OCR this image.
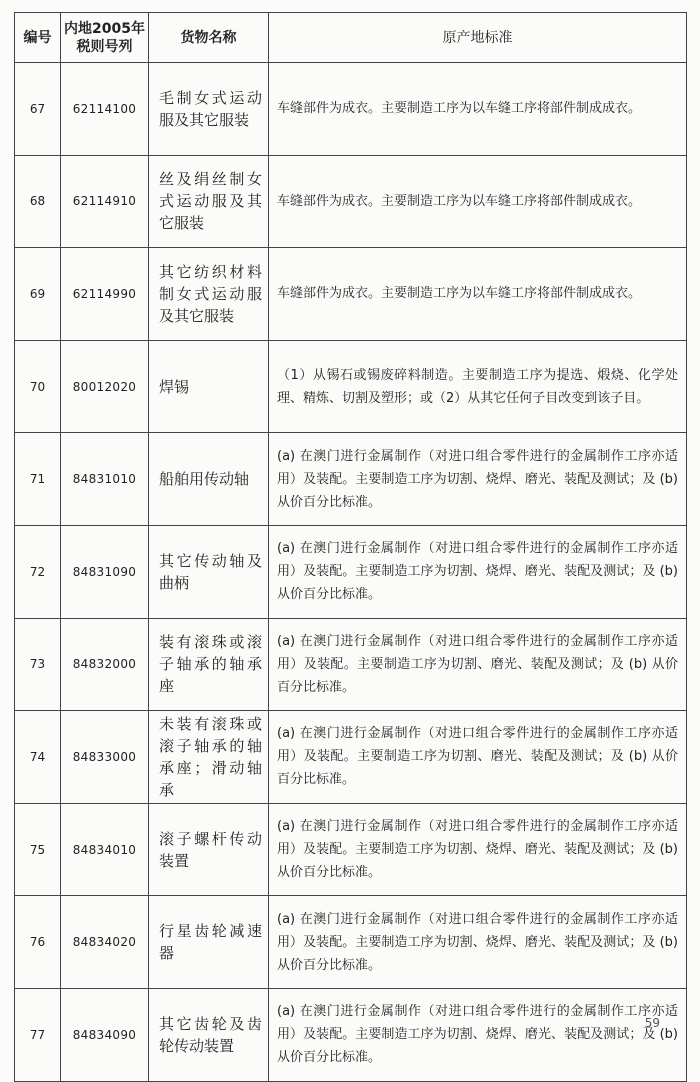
编号	内地2005年税则号列	货物名称	原产地标准
67	62114100	毛制女式运动服及其它服装	车缝部件为成衣。主要制造工序为以车缝工序将部件制成成衣。
68	62114910	丝及绢丝制女式运动服及其它服装	车缝部件为成衣。主要制造工序为以车缝工序将部件制成成衣。
69	62114990	其它纺织材料制女式运动服及其它服装	车缝部件为成衣。主要制造工序为以车缝工序将部件制成成衣。
70	80012020	焊锡	（1）从锡石或锡废碎料制造。主要制造工序为提选、煅烧、化学处理、精炼、切割及塑形；或（2）从其它任何子目改变到该子目。
71	84831010	船舶用传动轴	(a) 在澳门进行金属制作（对进口组合零件进行的金属制作工序亦适用）及装配。主要制造工序为切割、烧焊、磨光、装配及测试；及 (b) 从价百分比标准。
72	84831090	其它传动轴及曲柄	(a) 在澳门进行金属制作（对进口组合零件进行的金属制作工序亦适用）及装配。主要制造工序为切割、烧焊、磨光、装配及测试；及 (b) 从价百分比标准。
73	84832000	装有滚珠或滚子轴承的轴承座	(a) 在澳门进行金属制作（对进口组合零件进行的金属制作工序亦适用）及装配。主要制造工序为切割、磨光、装配及测试；及 (b) 从价百分比标准。
74	84833000	未装有滚珠或滚子轴承的轴承座；滑动轴承	(a) 在澳门进行金属制作（对进口组合零件进行的金属制作工序亦适用）及装配。主要制造工序为切割、磨光、装配及测试；及 (b) 从价百分比标准。
75	84834010	滚子螺杆传动装置	(a) 在澳门进行金属制作（对进口组合零件进行的金属制作工序亦适用）及装配。主要制造工序为切割、烧焊、磨光、装配及测试；及 (b) 从价百分比标准。
76	84834020	行星齿轮减速器	(a) 在澳门进行金属制作（对进口组合零件进行的金属制作工序亦适用）及装配。主要制造工序为切割、烧焊、磨光、装配及测试；及 (b) 从价百分比标准。
77	84834090	其它齿轮及齿轮传动装置	(a) 在澳门进行金属制作（对进口组合零件进行的金属制作工序亦适用）及装配。主要制造工序为切割、烧焊、磨光、装配及测试；及 (b) 从价百分比标准。
59
